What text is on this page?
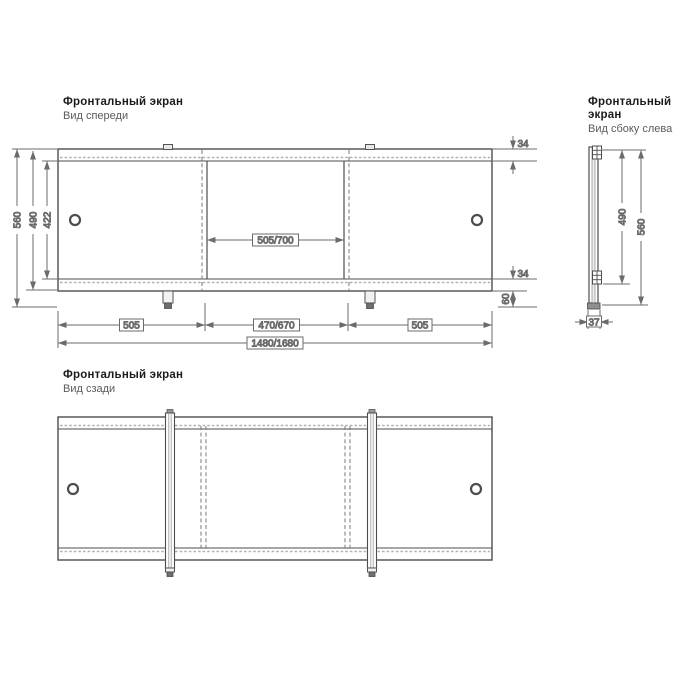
Фронтальный экран
Вид спереди
Фронтальный экран
Вид сбоку слева
Фронтальный экран
Вид сзади
560 490 422
34
34
60
505	470/670	505
1480/1680
505/700
490
560
37
